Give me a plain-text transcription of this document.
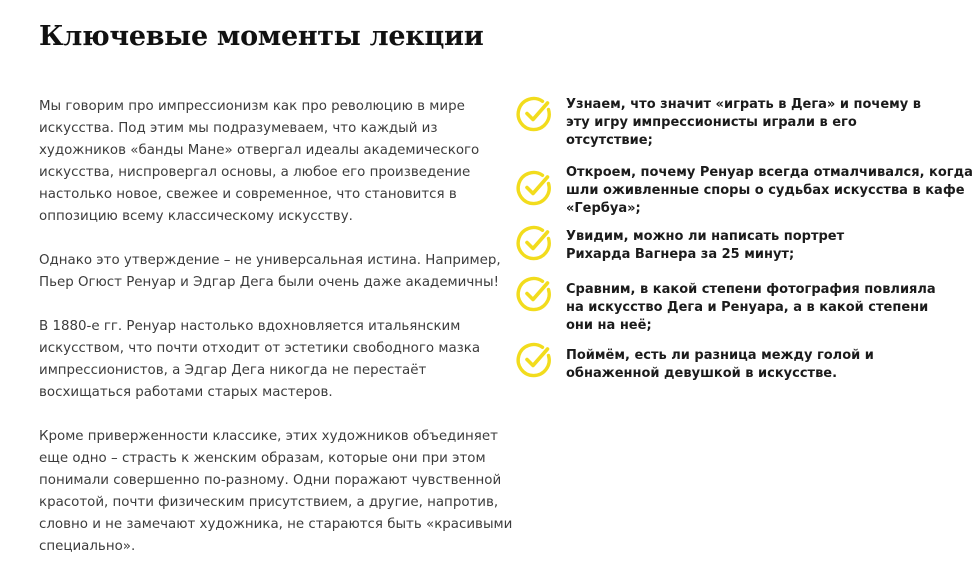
Ключевые моменты лекции

Мы говорим про импрессионизм как про революцию в мире
искусства. Под этим мы подразумеваем, что каждый из
художников «банды Мане» отвергал идеалы академического
искусства, ниспровергал основы, а любое его произведение
настолько новое, свежее и современное, что становится в
оппозицию всему классическому искусству.

Однако это утверждение – не универсальная истина. Например,
Пьер Огюст Ренуар и Эдгар Дега были очень даже академичны!

В 1880-е гг. Ренуар настолько вдохновляется итальянским
искусством, что почти отходит от эстетики свободного мазка
импрессионистов, а Эдгар Дега никогда не перестаёт
восхищаться работами старых мастеров.

Кроме приверженности классике, этих художников объединяет
еще одно – страсть к женским образам, которые они при этом
понимали совершенно по-разному. Одни поражают чувственной
красотой, почти физическим присутствием, а другие, напротив,
словно и не замечают художника, не стараются быть «красивыми
специально».

Узнаем, что значит «играть в Дега» и почему в
эту игру импрессионисты играли в его
отсутствие;
Откроем, почему Ренуар всегда отмалчивался, когда
шли оживленные споры о судьбах искусства в кафе
«Гербуа»;
Увидим, можно ли написать портрет
Рихарда Вагнера за 25 минут;
Сравним, в какой степени фотография повлияла
на искусство Дега и Ренуара, а в какой степени
они на неё;
Поймём, есть ли разница между голой и
обнаженной девушкой в искусстве.
